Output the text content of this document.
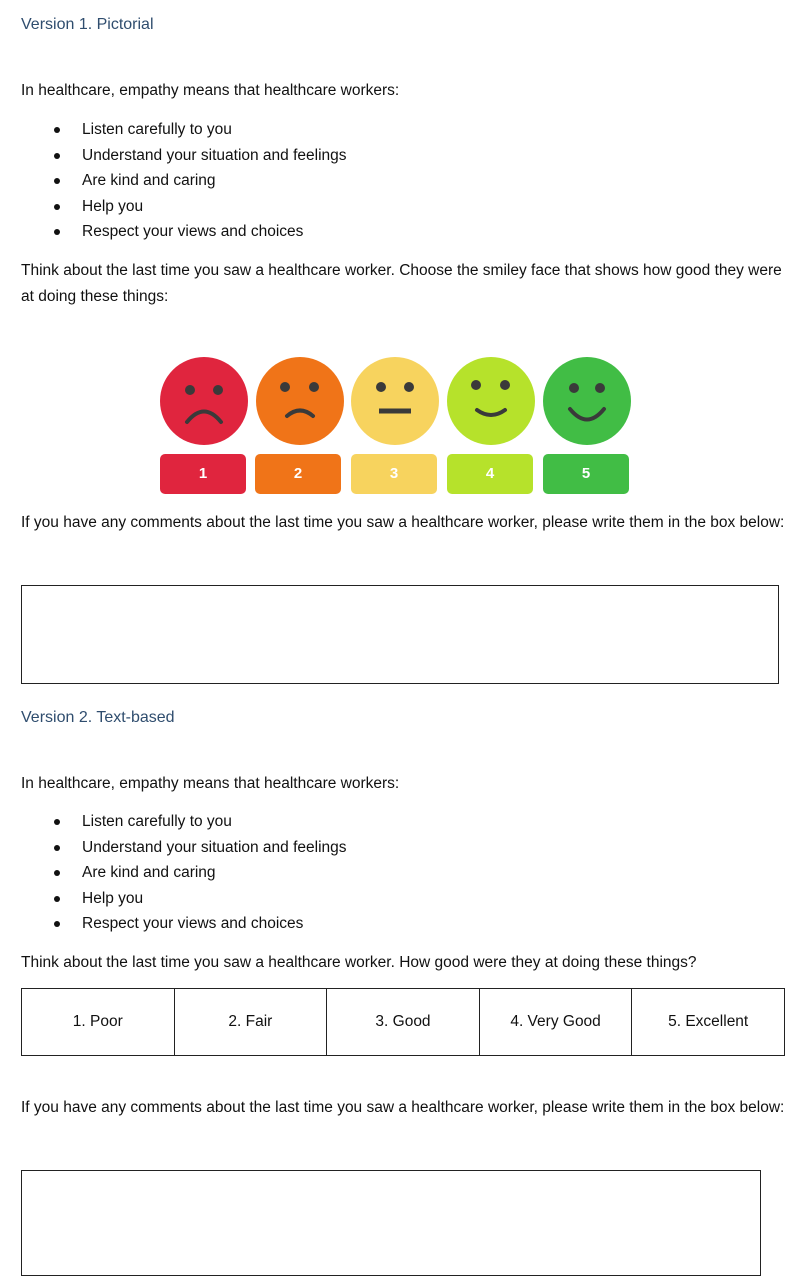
Version 1. Pictorial
In healthcare, empathy means that healthcare workers:
Listen carefully to you
Understand your situation and feelings
Are kind and caring
Help you
Respect your views and choices
Think about the last time you saw a healthcare worker. Choose the smiley face that shows how good they were at doing these things:
1	2	3	4	5
If you have any comments about the last time you saw a healthcare worker, please write them in the box below:
Version 2. Text-based
In healthcare, empathy means that healthcare workers:
Listen carefully to you
Understand your situation and feelings
Are kind and caring
Help you
Respect your views and choices
Think about the last time you saw a healthcare worker. How good were they at doing these things?
1. Poor	2. Fair	3. Good	4. Very Good	5. Excellent
If you have any comments about the last time you saw a healthcare worker, please write them in the box below:
